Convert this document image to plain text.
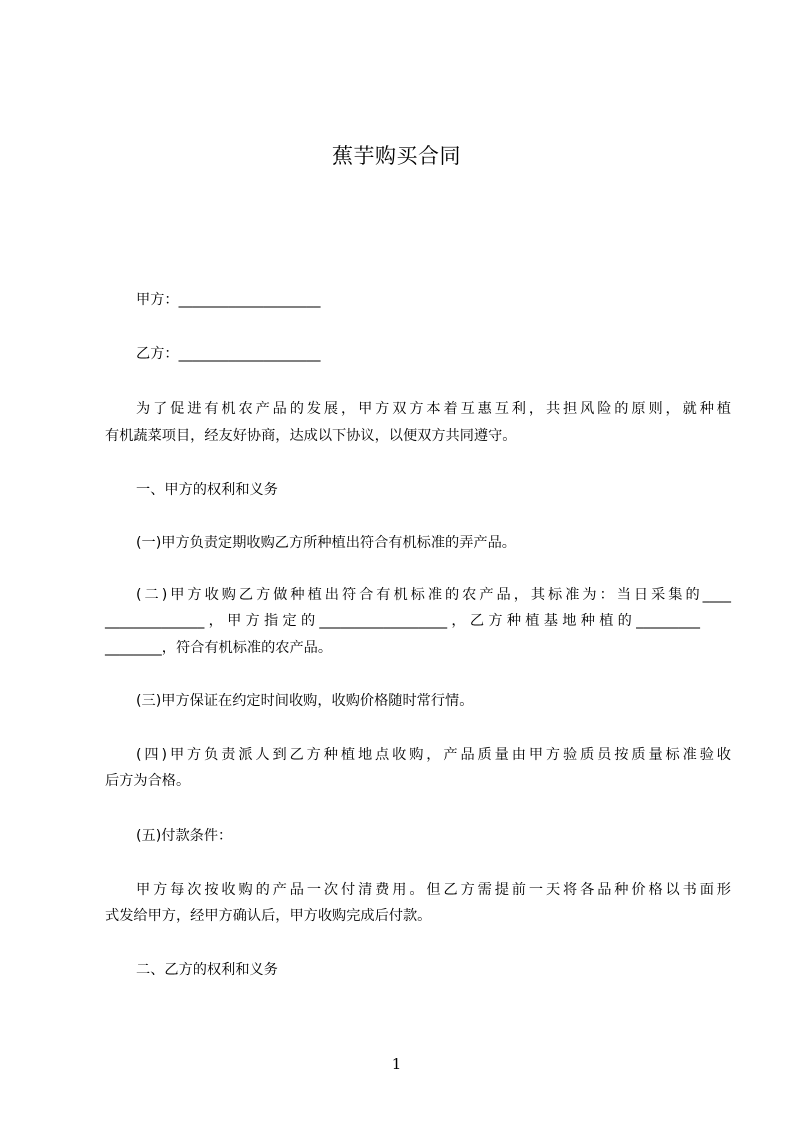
蕉芋购买合同
甲方：____________________
乙方：____________________
为了促进有机农产品的发展，甲方双方本着互惠互利，共担风险的原则，就种植
有机蔬菜项目，经友好协商，达成以下协议，以便双方共同遵守。
一、甲方的权利和义务
(一)甲方负责定期收购乙方所种植出符合有机标准的弄产品。
(二)甲方收购乙方做种植出符合有机标准的农产品，其标准为：当日采集的____
______________，甲方指定的__________________，乙方种植基地种植的_________
________，符合有机标准的农产品。
(三)甲方保证在约定时间收购，收购价格随时常行情。
(四)甲方负责派人到乙方种植地点收购，产品质量由甲方验质员按质量标准验收
后方为合格。
(五)付款条件：
甲方每次按收购的产品一次付清费用。但乙方需提前一天将各品种价格以书面形
式发给甲方，经甲方确认后，甲方收购完成后付款。
二、乙方的权利和义务
1
